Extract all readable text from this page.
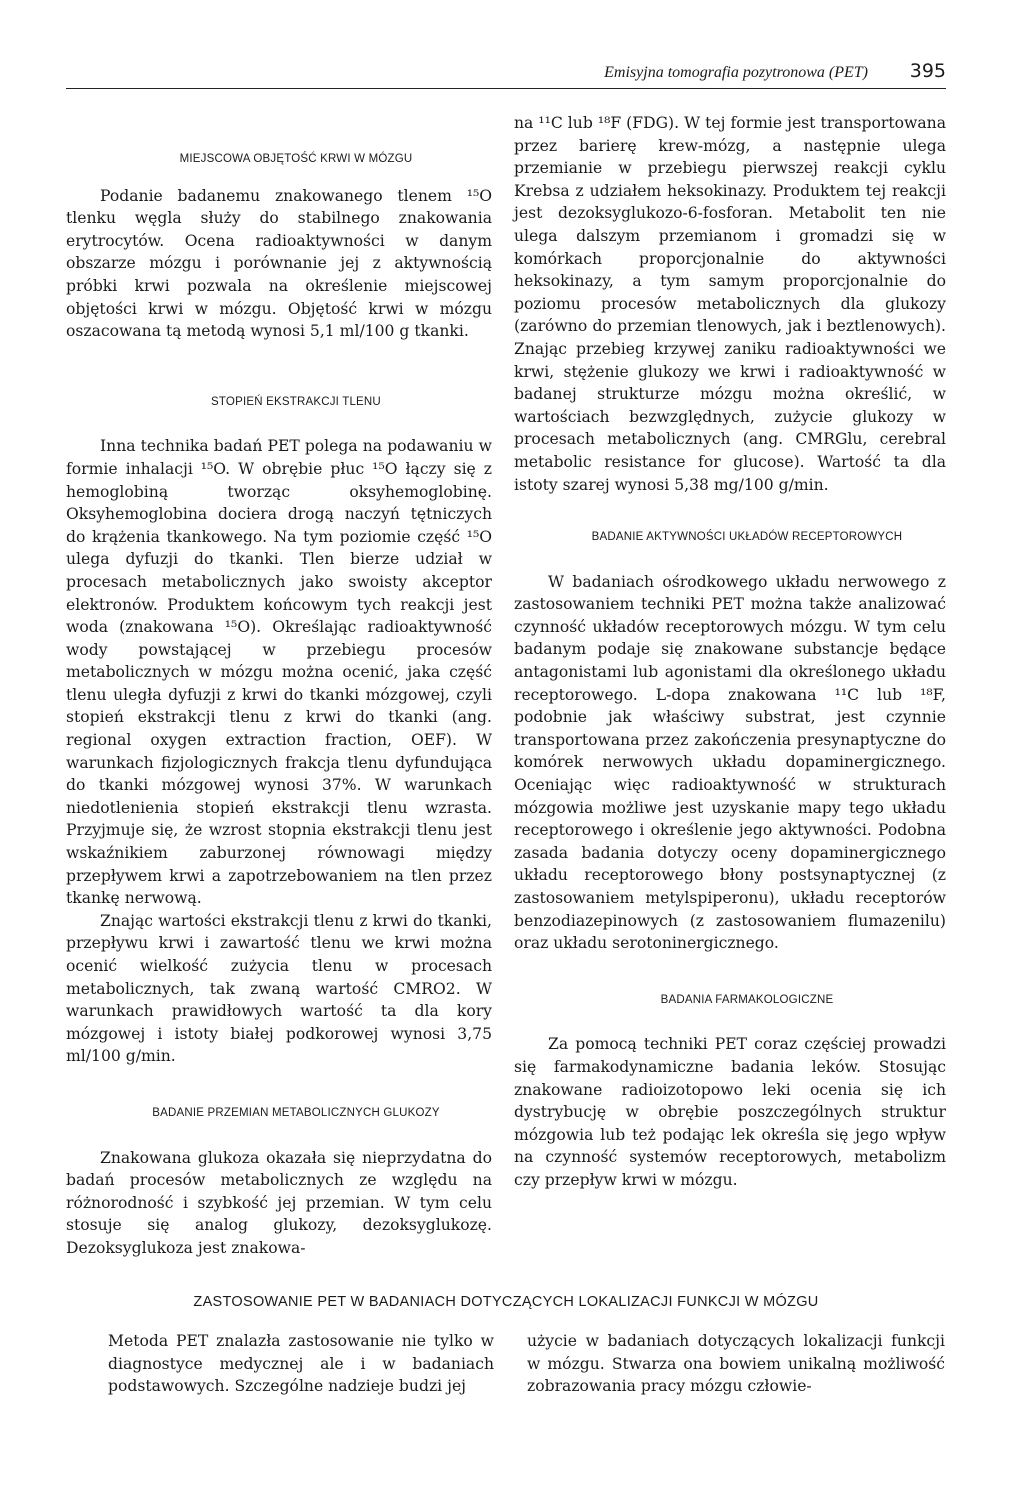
Emisyjna tomografia pozytronowa (PET) 395

MIEJSCOWA OBJĘTOŚĆ KRWI W MÓZGU

Podanie badanemu znakowanego tlenem ¹⁵O tlenku węgla służy do stabilnego znakowania erytrocytów. Ocena radioaktywności w danym obszarze mózgu i porównanie jej z aktywnością próbki krwi pozwala na określenie miejscowej objętości krwi w mózgu. Objętość krwi w mózgu oszacowana tą metodą wynosi 5,1 ml/100 g tkanki.

STOPIEŃ EKSTRAKCJI TLENU

Inna technika badań PET polega na podawaniu w formie inhalacji ¹⁵O. W obrębie płuc ¹⁵O łączy się z hemoglobiną tworząc oksyhemoglobinę. Oksyhemoglobina dociera drogą naczyń tętniczych do krążenia tkankowego. Na tym poziomie część ¹⁵O ulega dyfuzji do tkanki. Tlen bierze udział w procesach metabolicznych jako swoisty akceptor elektronów. Produktem końcowym tych reakcji jest woda (znakowana ¹⁵O). Określając radioaktywność wody powstającej w przebiegu procesów metabolicznych w mózgu można ocenić, jaka część tlenu uległa dyfuzji z krwi do tkanki mózgowej, czyli stopień ekstrakcji tlenu z krwi do tkanki (ang. regional oxygen extraction fraction, OEF). W warunkach fizjologicznych frakcja tlenu dyfundująca do tkanki mózgowej wynosi 37%. W warunkach niedotlenienia stopień ekstrakcji tlenu wzrasta. Przyjmuje się, że wzrost stopnia ekstrakcji tlenu jest wskaźnikiem zaburzonej równowagi między przepływem krwi a zapotrzebowaniem na tlen przez tkankę nerwową.

Znając wartości ekstrakcji tlenu z krwi do tkanki, przepływu krwi i zawartość tlenu we krwi można ocenić wielkość zużycia tlenu w procesach metabolicznych, tak zwaną wartość CMRO2. W warunkach prawidłowych wartość ta dla kory mózgowej i istoty białej podkorowej wynosi 3,75 ml/100 g/min.

BADANIE PRZEMIAN METABOLICZNYCH GLUKOZY

Znakowana glukoza okazała się nieprzydatna do badań procesów metabolicznych ze względu na różnorodność i szybkość jej przemian. W tym celu stosuje się analog glukozy, dezoksyglukozę. Dezoksyglukoza jest znakowa-

na ¹¹C lub ¹⁸F (FDG). W tej formie jest transportowana przez barierę krew-mózg, a następnie ulega przemianie w przebiegu pierwszej reakcji cyklu Krebsa z udziałem heksokinazy. Produktem tej reakcji jest dezoksyglukozo-6-fosforan. Metabolit ten nie ulega dalszym przemianom i gromadzi się w komórkach proporcjonalnie do aktywności heksokinazy, a tym samym proporcjonalnie do poziomu procesów metabolicznych dla glukozy (zarówno do przemian tlenowych, jak i beztlenowych). Znając przebieg krzywej zaniku radioaktywności we krwi, stężenie glukozy we krwi i radioaktywność w badanej strukturze mózgu można określić, w wartościach bezwzględnych, zużycie glukozy w procesach metabolicznych (ang. CMRGlu, cerebral metabolic resistance for glucose). Wartość ta dla istoty szarej wynosi 5,38 mg/100 g/min.

BADANIE AKTYWNOŚCI UKŁADÓW RECEPTOROWYCH

W badaniach ośrodkowego układu nerwowego z zastosowaniem techniki PET można także analizować czynność układów receptorowych mózgu. W tym celu badanym podaje się znakowane substancje będące antagonistami lub agonistami dla określonego układu receptorowego. L-dopa znakowana ¹¹C lub ¹⁸F, podobnie jak właściwy substrat, jest czynnie transportowana przez zakończenia presynaptyczne do komórek nerwowych układu dopaminergicznego. Oceniając więc radioaktywność w strukturach mózgowia możliwe jest uzyskanie mapy tego układu receptorowego i określenie jego aktywności. Podobna zasada badania dotyczy oceny dopaminergicznego układu receptorowego błony postsynaptycznej (z zastosowaniem metylspiperonu), układu receptorów benzodiazepinowych (z zastosowaniem flumazenilu) oraz układu serotoninergicznego.

BADANIA FARMAKOLOGICZNE

Za pomocą techniki PET coraz częściej prowadzi się farmakodynamiczne badania leków. Stosując znakowane radioizotopowo leki ocenia się ich dystrybucję w obrębie poszczególnych struktur mózgowia lub też podając lek określa się jego wpływ na czynność systemów receptorowych, metabolizm czy przepływ krwi w mózgu.

ZASTOSOWANIE PET W BADANIACH DOTYCZĄCYCH LOKALIZACJI FUNKCJI W MÓZGU

Metoda PET znalazła zastosowanie nie tylko w diagnostyce medycznej ale i w badaniach podstawowych. Szczególne nadzieje budzi jej

użycie w badaniach dotyczących lokalizacji funkcji w mózgu. Stwarza ona bowiem unikalną możliwość zobrazowania pracy mózgu człowie-
